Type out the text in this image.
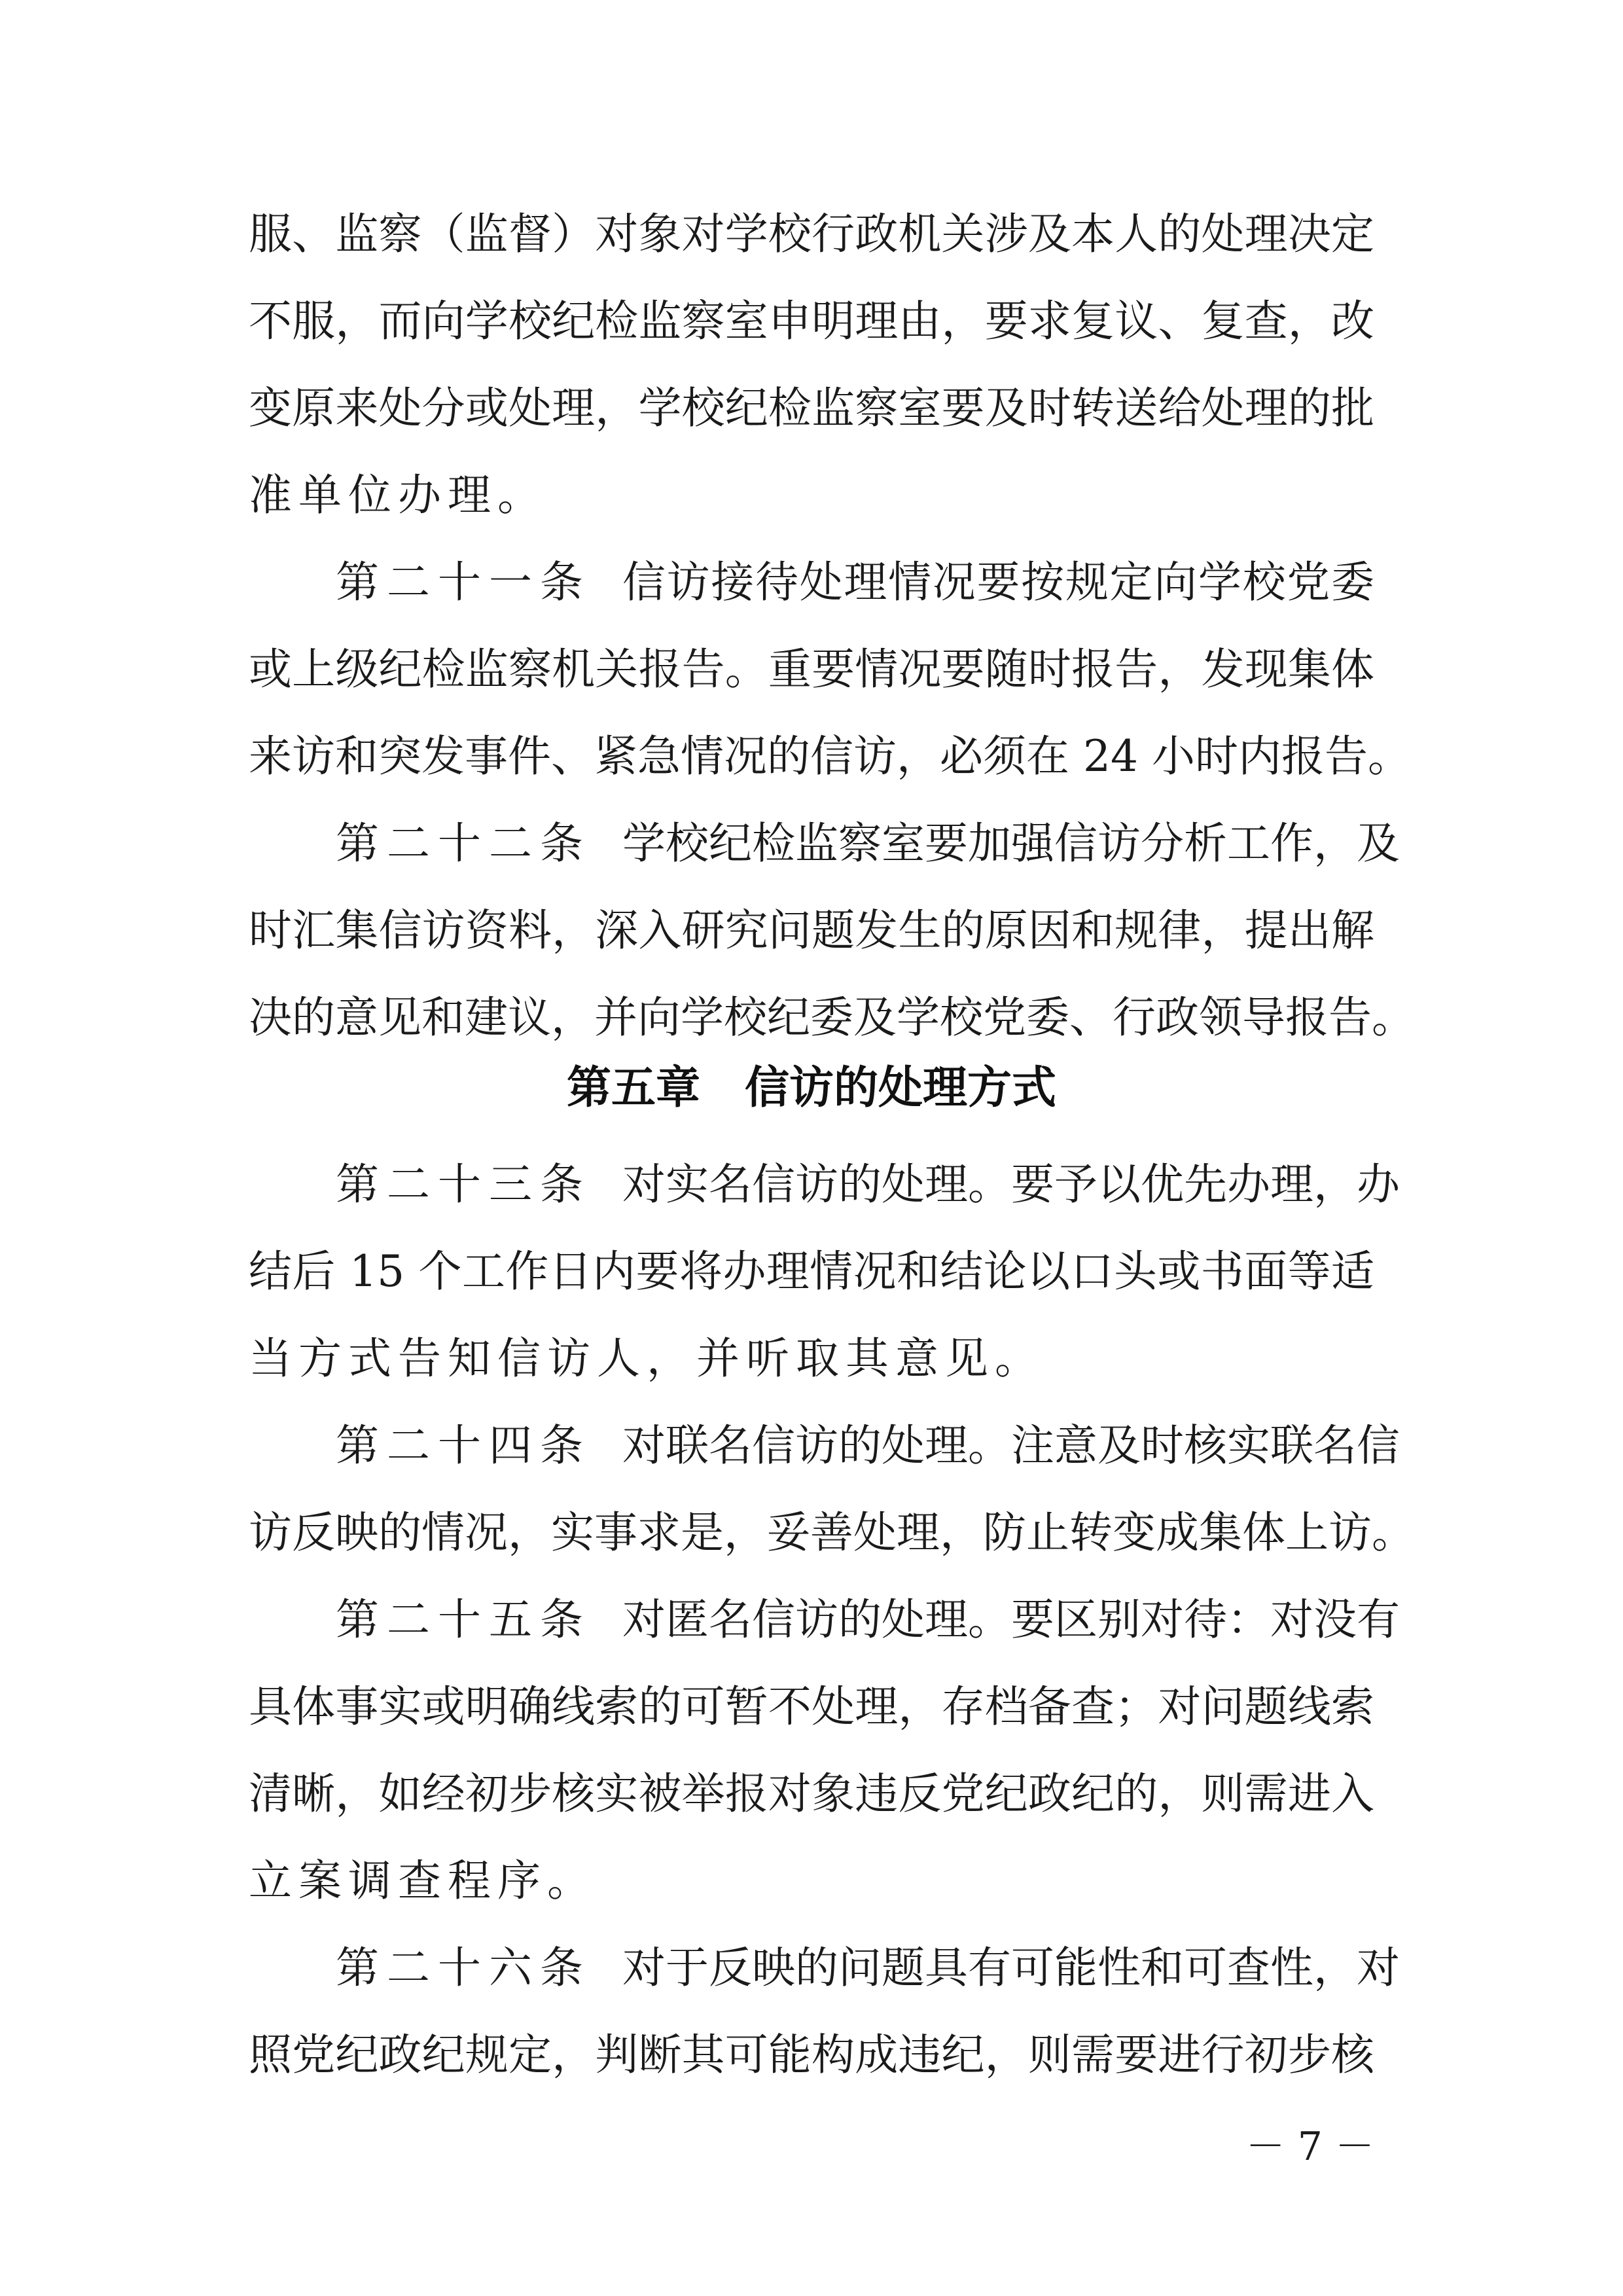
服、监察（监督）对象对学校行政机关涉及本人的处理决定
不服，而向学校纪检监察室申明理由，要求复议、复查，改
变原来处分或处理，学校纪检监察室要及时转送给处理的批
准单位办理。
第二十一条 信访接待处理情况要按规定向学校党委
或上级纪检监察机关报告。重要情况要随时报告，发现集体
来访和突发事件、紧急情况的信访，必须在 24 小时内报告。
第二十二条 学校纪检监察室要加强信访分析工作，及
时汇集信访资料，深入研究问题发生的原因和规律，提出解
决的意见和建议，并向学校纪委及学校党委、行政领导报告。
第五章　信访的处理方式
第二十三条 对实名信访的处理。要予以优先办理，办
结后 15 个工作日内要将办理情况和结论以口头或书面等适
当方式告知信访人，并听取其意见。
第二十四条 对联名信访的处理。注意及时核实联名信
访反映的情况，实事求是，妥善处理，防止转变成集体上访。
第二十五条 对匿名信访的处理。要区别对待：对没有
具体事实或明确线索的可暂不处理，存档备查；对问题线索
清晰，如经初步核实被举报对象违反党纪政纪的，则需进入
立案调查程序。
第二十六条 对于反映的问题具有可能性和可查性，对
照党纪政纪规定，判断其可能构成违纪，则需要进行初步核
－ 7 －
